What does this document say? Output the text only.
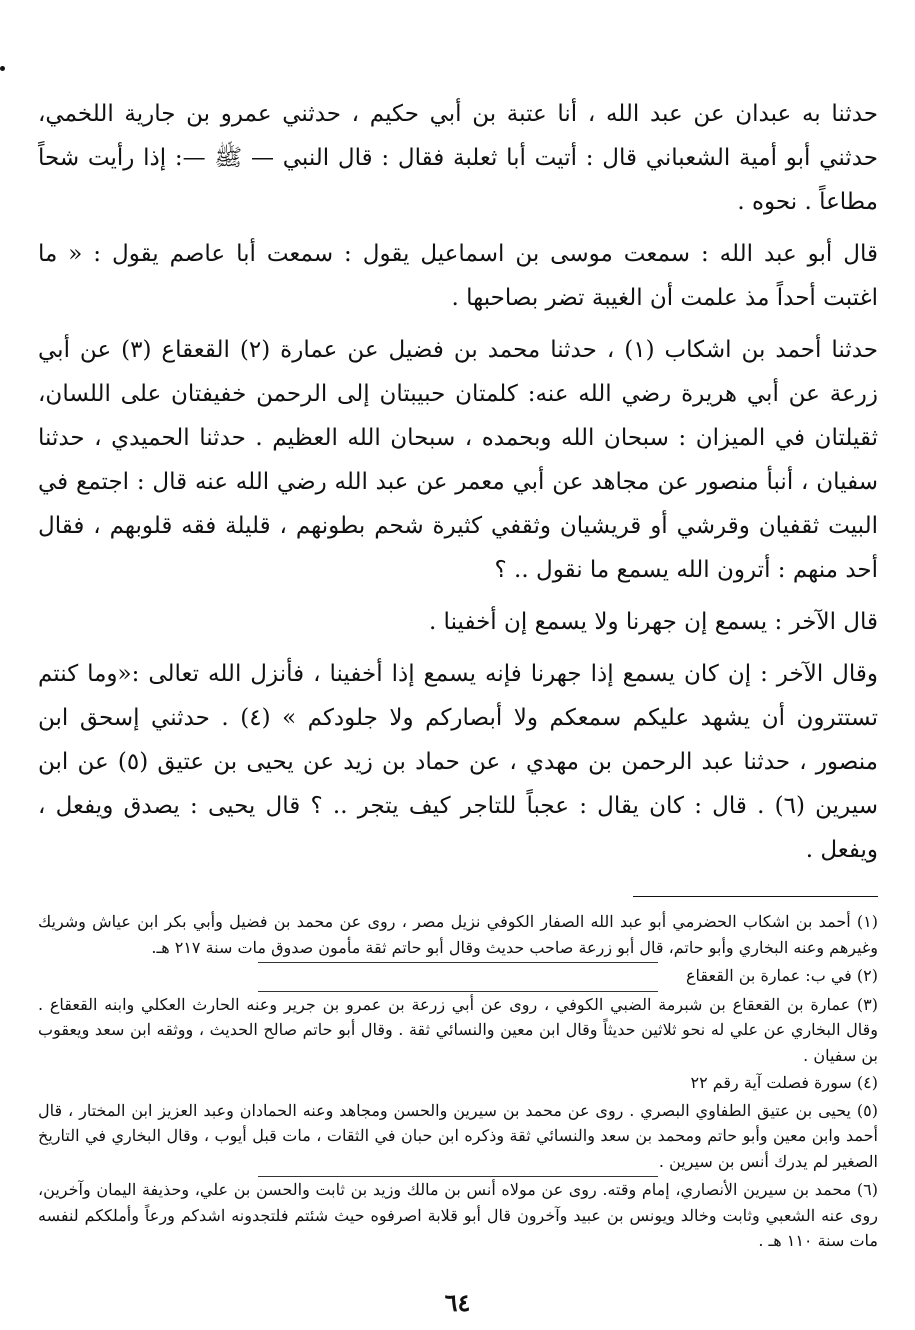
حدثنا به عبدان عن عبد الله ، أنا عتبة بن أبي حكيم ، حدثني عمرو بن جارية اللخمي، حدثني أبو أمية الشعباني قال : أتيت أبا ثعلبة فقال : قال النبي — ﷺ —: إذا رأيت شحاً مطاعاً . نحوه .

قال أبو عبد الله : سمعت موسى بن اسماعيل يقول : سمعت أبا عاصم يقول : « ما اغتبت أحداً مذ علمت أن الغيبة تضر بصاحبها .

حدثنا أحمد بن اشكاب (١) ، حدثنا محمد بن فضيل عن عمارة (٢) القعقاع (٣) عن أبي زرعة عن أبي هريرة رضي الله عنه: كلمتان حبيبتان إلى الرحمن خفيفتان على اللسان، ثقيلتان في الميزان : سبحان الله وبحمده ، سبحان الله العظيم . حدثنا الحميدي ، حدثنا سفيان ، أنبأ منصور عن مجاهد عن أبي معمر عن عبد الله رضي الله عنه قال : اجتمع في البيت ثقفيان وقرشي أو قريشيان وثقفي كثيرة شحم بطونهم ، قليلة فقه قلوبهم ، فقال أحد منهم : أترون الله يسمع ما نقول .. ؟

قال الآخر : يسمع إن جهرنا ولا يسمع إن أخفينا .

وقال الآخر : إن كان يسمع إذا جهرنا فإنه يسمع إذا أخفينا ، فأنزل الله تعالى :«وما كنتم تستترون أن يشهد عليكم سمعكم ولا أبصاركم ولا جلودكم » (٤) . حدثني إسحق ابن منصور ، حدثنا عبد الرحمن بن مهدي ، عن حماد بن زيد عن يحيى بن عتيق (٥) عن ابن سيرين (٦) . قال : كان يقال : عجباً للتاجر كيف يتجر .. ؟ قال يحيى : يصدق ويفعل ، ويفعل .

(١) أحمد بن اشكاب الحضرمي أبو عبد الله الصفار الكوفي نزيل مصر ، روى عن محمد بن فضيل وأبي بكر ابن عياش وشريك وغيرهم وعنه البخاري وأبو حاتم، قال أبو زرعة صاحب حديث وقال أبو حاتم ثقة مأمون صدوق مات سنة ٢١٧ هـ.

(٢) في ب: عمارة بن القعقاع

(٣) عمارة بن القعقاع بن شبرمة الضبي الكوفي ، روى عن أبي زرعة بن عمرو بن جرير وعنه الحارث العكلي وابنه القعقاع . وقال البخاري عن علي له نحو ثلاثين حديثاً وقال ابن معين والنسائي ثقة . وقال أبو حاتم صالح الحديث ، ووثقه ابن سعد ويعقوب بن سفيان .

(٤) سورة فصلت آية رقم ٢٢

(٥) يحيى بن عتيق الطفاوي البصري . روى عن محمد بن سيرين والحسن ومجاهد وعنه الحمادان وعبد العزيز ابن المختار ، قال أحمد وابن معين وأبو حاتم ومحمد بن سعد والنسائي ثقة وذكره ابن حبان في الثقات ، مات قبل أيوب ، وقال البخاري في التاريخ الصغير لم يدرك أنس بن سيرين .

(٦) محمد بن سيرين الأنصاري، إمام وقته. روى عن مولاه أنس بن مالك وزيد بن ثابت والحسن بن علي، وحذيفة اليمان وآخرين، روى عنه الشعبي وثابت وخالد ويونس بن عبيد وآخرون قال أبو قلابة اصرفوه حيث شئتم فلتجدونه اشدكم ورعاً وأملككم لنفسه مات سنة ١١٠ هـ .

٦٤
